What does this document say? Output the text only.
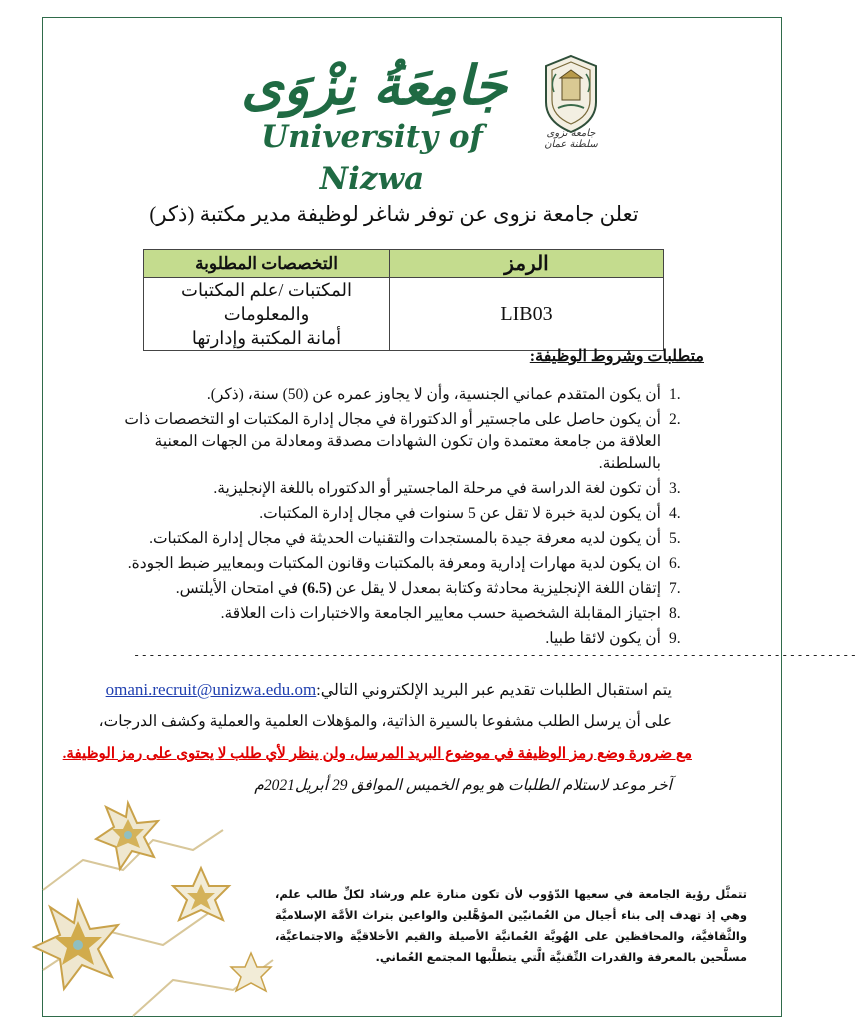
جَامِعَةُ نِزْوَى
University of Nizwa
جامعة نزوى سلطنة عمان
تعلن جامعة نزوى عن توفر شاغر لوظيفة مدير مكتبة (ذكر)
الرمز	التخصصات المطلوبة
LIB03	المكتبات /علم المكتبات والمعلومات
أمانة المكتبة وإدارتها
متطلبات وشروط الوظيفة:
1.
أن يكون المتقدم عماني الجنسية، وأن لا يجاوز عمره عن (50) سنة، (ذكر).
2.
أن يكون حاصل على ماجستير أو الدكتوراة في مجال إدارة المكتبات او التخصصات ذات العلاقة من جامعة معتمدة وان تكون الشهادات مصدقة ومعادلة من الجهات المعنية بالسلطنة.
3.
أن تكون لغة الدراسة في مرحلة الماجستير أو الدكتوراه باللغة الإنجليزية.
4.
أن يكون لدية خبرة لا تقل عن 5 سنوات في مجال إدارة المكتبات.
5.
أن يكون لديه معرفة جيدة بالمستجدات والتقنيات الحديثة في مجال إدارة المكتبات.
6.
ان يكون لدية مهارات إدارية ومعرفة بالمكتبات وقانون المكتبات وبمعايير ضبط الجودة.
7.
إتقان اللغة الإنجليزية محادثة وكتابة بمعدل لا يقل عن (6.5) في امتحان الأيلتس.
8.
اجتياز المقابلة الشخصية حسب معايير الجامعة والاختبارات ذات العلاقة.
9.
أن يكون لائقا طبيا.
-----------------------------------------------------------------------------------------------
يتم استقبال الطلبات تقديم عبر البريد الإلكتروني التالي:omani.recruit@unizwa.edu.om
على أن يرسل الطلب مشفوعا بالسيرة الذاتية، والمؤهلات العلمية والعملية وكشف الدرجات،
مع ضرورة وضع رمز الوظيفة في موضوع البريد المرسل، ولن ينظر لأي طلب لا يحتوى على رمز الوظيفة.
آخر موعد لاستلام الطلبات هو يوم الخميس الموافق 29 أبريل2021م
تتمثَّل رؤية الجامعة في سعيها الدّؤوب لأن تكون منارة علم ورشاد لكلِّ طالب علم، وهي إذ تهدف إلى بناء أجيال من العُمانيّين المؤهَّلين والواعين بتراث الأمَّة الإسلاميَّة والثَّقافيَّة، والمحافظين على الهُويَّة العُمانيَّة الأصيلة والقيم الأخلاقيَّة والاجتماعيَّة، مسلَّحين بالمعرفة والقدرات التِّقنيَّة الَّتي يتطلَّبها المجتمع العُماني.
